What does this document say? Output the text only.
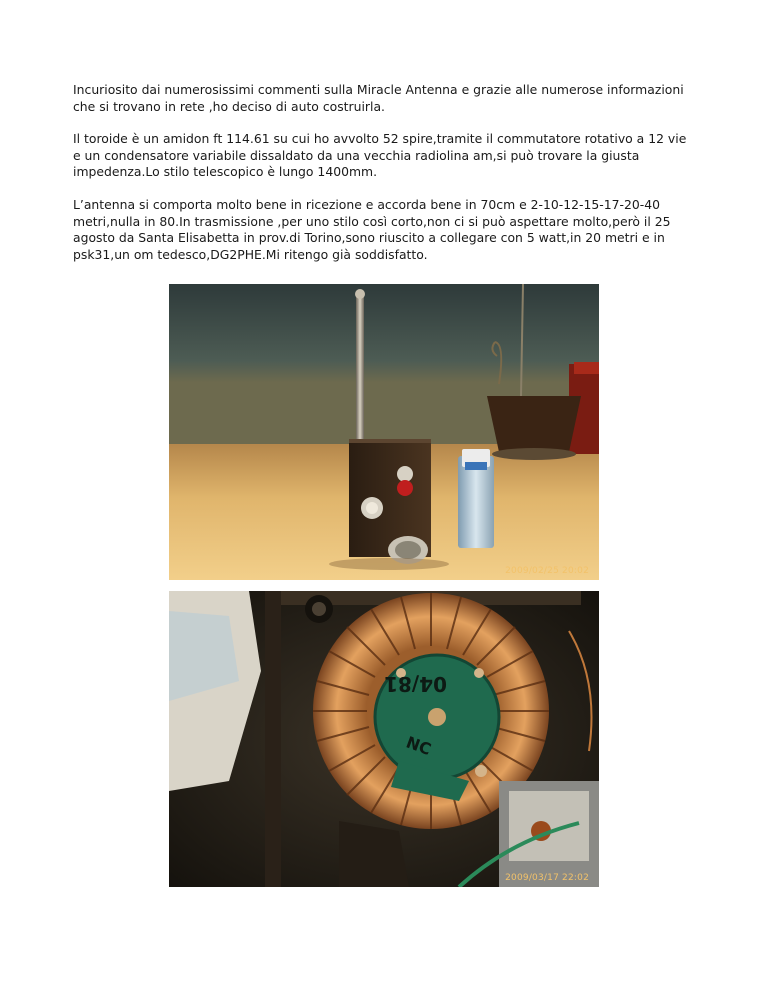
Incuriosito dai numerosissimi commenti sulla Miracle Antenna e grazie alle numerose informazioni che si trovano in rete ,ho deciso di auto costruirla.

Il toroide è un amidon ft 114.61 su cui ho avvolto 52 spire,tramite il commutatore rotativo a 12 vie e un condensatore variabile dissaldato da una vecchia radiolina am,si può trovare la giusta impedenza.Lo stilo telescopico è lungo 1400mm.

L’antenna si comporta molto bene in ricezione e accorda bene in 70cm e 2-10-12-15-17-20-40 metri,nulla in 80.In trasmissione ,per uno stilo così corto,non ci si può aspettare molto,però il 25 agosto da Santa Elisabetta in prov.di Torino,sono riuscito a collegare con 5 watt,in 20 metri e in psk31,un om tedesco,DG2PHE.Mi ritengo già soddisfatto.

2009/02/25 20:02
04/81
NC
2009/03/17 22:02
